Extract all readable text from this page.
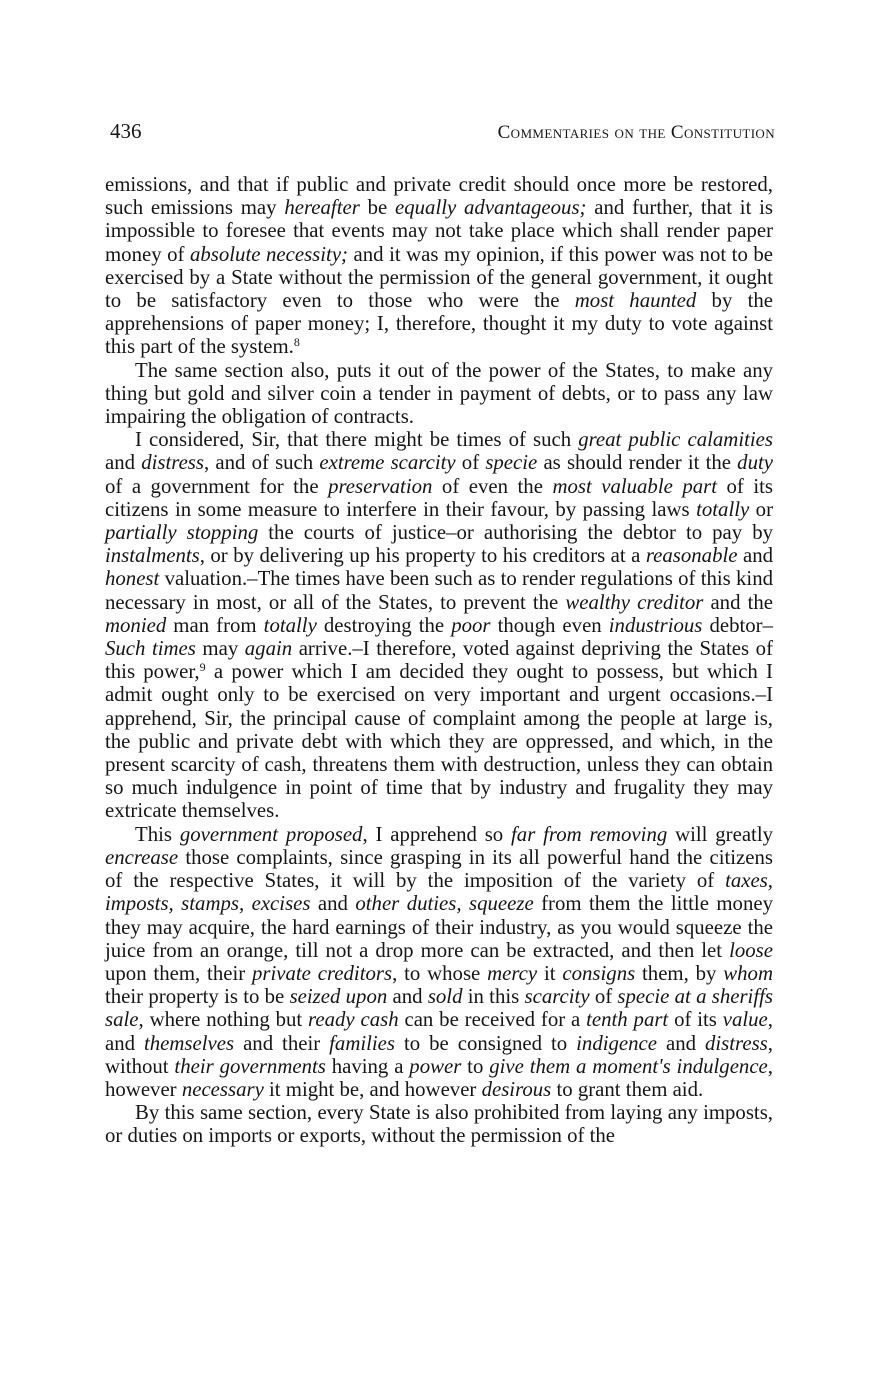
436	Commentaries on the Constitution

emissions, and that if public and private credit should once more be restored, such emissions may hereafter be equally advantageous; and further, that it is impossible to foresee that events may not take place which shall render paper money of absolute necessity; and it was my opinion, if this power was not to be exercised by a State without the permission of the general government, it ought to be satisfactory even to those who were the most haunted by the apprehensions of paper money; I, therefore, thought it my duty to vote against this part of the system.$^8$

The same section also, puts it out of the power of the States, to make any thing but gold and silver coin a tender in payment of debts, or to pass any law impairing the obligation of contracts.

I considered, Sir, that there might be times of such great public calamities and distress, and of such extreme scarcity of specie as should render it the duty of a government for the preservation of even the most valuable part of its citizens in some measure to interfere in their favour, by passing laws totally or partially stopping the courts of justice–or authorising the debtor to pay by instalments, or by delivering up his property to his creditors at a reasonable and honest valuation.–The times have been such as to render regulations of this kind necessary in most, or all of the States, to prevent the wealthy creditor and the monied man from totally destroying the poor though even industrious debtor–Such times may again arrive.–I therefore, voted against depriving the States of this power,$^9$ a power which I am decided they ought to possess, but which I admit ought only to be exercised on very important and urgent occasions.–I apprehend, Sir, the principal cause of complaint among the people at large is, the public and private debt with which they are oppressed, and which, in the present scarcity of cash, threatens them with destruction, unless they can obtain so much indulgence in point of time that by industry and frugality they may extricate themselves.

This government proposed, I apprehend so far from removing will greatly encrease those complaints, since grasping in its all powerful hand the citizens of the respective States, it will by the imposition of the variety of taxes, imposts, stamps, excises and other duties, squeeze from them the little money they may acquire, the hard earnings of their industry, as you would squeeze the juice from an orange, till not a drop more can be extracted, and then let loose upon them, their private creditors, to whose mercy it consigns them, by whom their property is to be seized upon and sold in this scarcity of specie at a sheriffs sale, where nothing but ready cash can be received for a tenth part of its value, and themselves and their families to be consigned to indigence and distress, without their governments having a power to give them a moment's indulgence, however necessary it might be, and however desirous to grant them aid.

By this same section, every State is also prohibited from laying any imposts, or duties on imports or exports, without the permission of the
